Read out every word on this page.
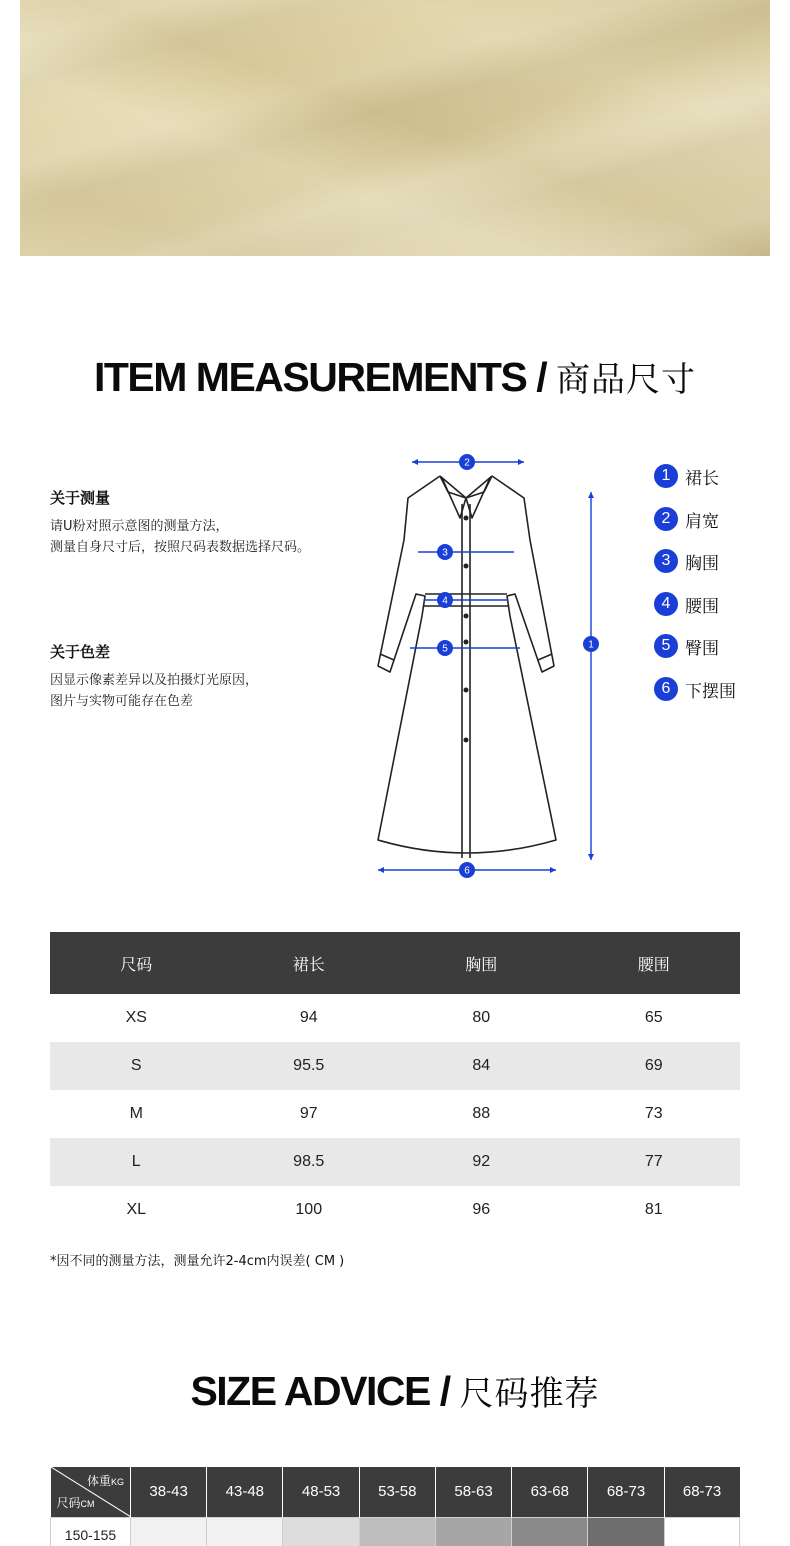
ITEM MEASUREMENTS / 商品尺寸
关于测量
请U粉对照示意图的测量方法，
测量自身尺寸后，按照尺码表数据选择尺码。
关于色差
因显示像素差异以及拍摄灯光原因，
图片与实物可能存在色差
2
1
3
4
5
6
1 裙长
2 肩宽
3 胸围
4 腰围
5 臀围
6 下摆围
尺码	裙长	胸围	腰围
XS	94	80	65
S	95.5	84	69
M	97	88	73
L	98.5	92	77
XL	100	96	81
*因不同的测量方法，测量允许2-4cm内误差( CM )
SIZE ADVICE / 尺码推荐
体重KG
尺码CM	38-43	43-48	48-53	53-58	58-63	63-68	68-73	68-73
150-155								
